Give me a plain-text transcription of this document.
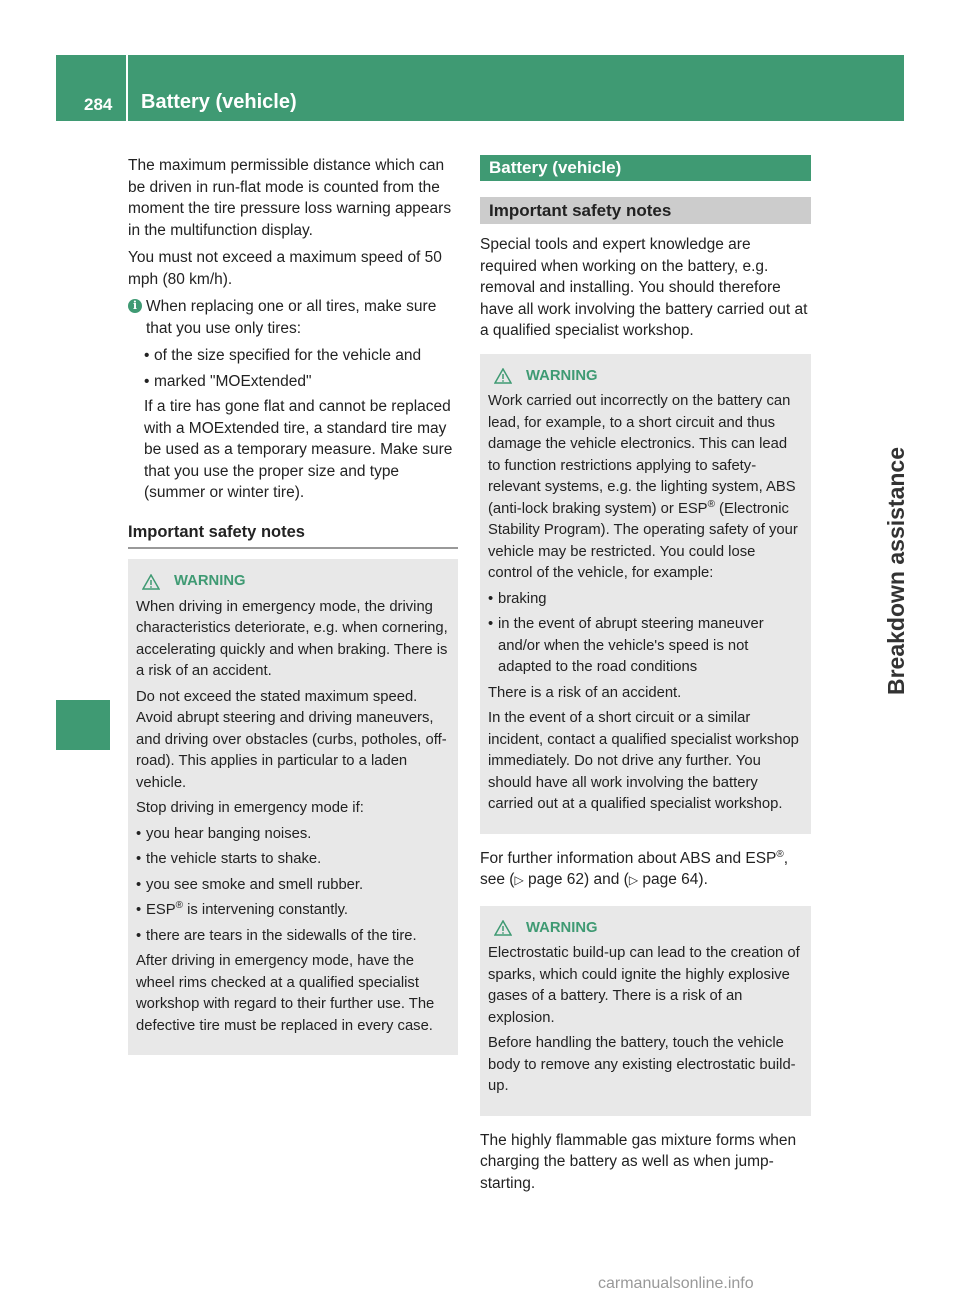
284 Battery (vehicle)
Breakdown assistance

The maximum permissible distance which can be driven in run-flat mode is counted from the moment the tire pressure loss warning appears in the multifunction display.

You must not exceed a maximum speed of 50 mph (80 km/h).

i When replacing one or all tires, make sure that you use only tires:

• of the size specified for the vehicle and
• marked "MOExtended"

If a tire has gone flat and cannot be replaced with a MOExtended tire, a standard tire may be used as a temporary measure. Make sure that you use the proper size and type (summer or winter tire).

Important safety notes
WARNING

When driving in emergency mode, the driving characteristics deteriorate, e.g. when cornering, accelerating quickly and when braking. There is a risk of an accident.

Do not exceed the stated maximum speed. Avoid abrupt steering and driving maneuvers, and driving over obstacles (curbs, potholes, off-road). This applies in particular to a laden vehicle.

Stop driving in emergency mode if:

• you hear banging noises.
• the vehicle starts to shake.
• you see smoke and smell rubber.
• ESP® is intervening constantly.
• there are tears in the sidewalls of the tire.

After driving in emergency mode, have the wheel rims checked at a qualified specialist workshop with regard to their further use. The defective tire must be replaced in every case.

Battery (vehicle)
Important safety notes

Special tools and expert knowledge are required when working on the battery, e.g. removal and installing. You should therefore have all work involving the battery carried out at a qualified specialist workshop.

WARNING

Work carried out incorrectly on the battery can lead, for example, to a short circuit and thus damage the vehicle electronics. This can lead to function restrictions applying to safety-relevant systems, e.g. the lighting system, ABS (anti-lock braking system) or ESP® (Electronic Stability Program). The operating safety of your vehicle may be restricted. You could lose control of the vehicle, for example:

• braking
• in the event of abrupt steering maneuver and/or when the vehicle's speed is not adapted to the road conditions

There is a risk of an accident.

In the event of a short circuit or a similar incident, contact a qualified specialist workshop immediately. Do not drive any further. You should have all work involving the battery carried out at a qualified specialist workshop.

For further information about ABS and ESP®, see (▷ page 62) and (▷ page 64).

WARNING

Electrostatic build-up can lead to the creation of sparks, which could ignite the highly explosive gases of a battery. There is a risk of an explosion.

Before handling the battery, touch the vehicle body to remove any existing electrostatic build-up.

The highly flammable gas mixture forms when charging the battery as well as when jump-starting.

carmanualsonline.info
